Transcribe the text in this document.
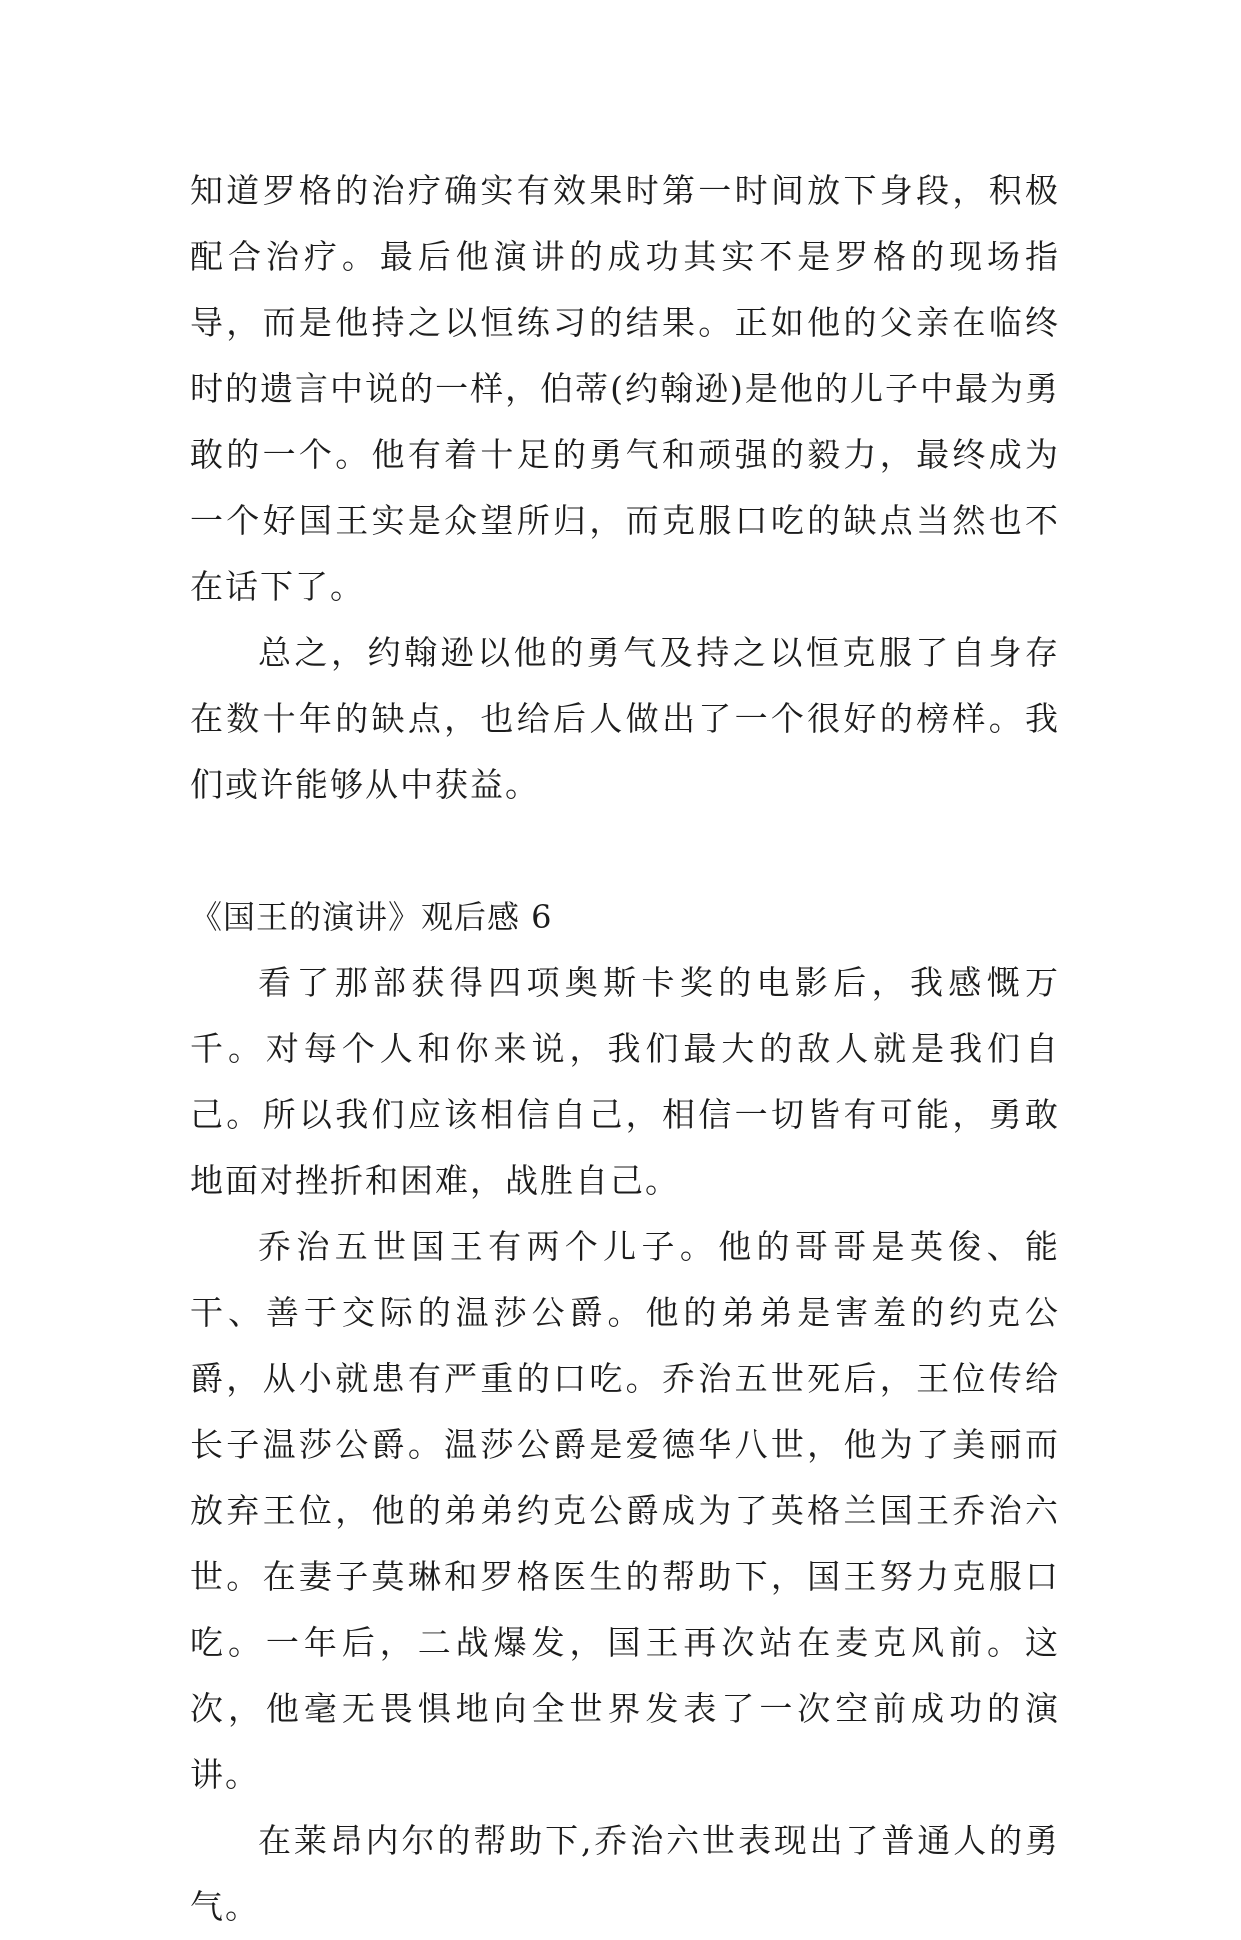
知道罗格的治疗确实有效果时第一时间放下身段，积极配合治疗。最后他演讲的成功其实不是罗格的现场指导，而是他持之以恒练习的结果。正如他的父亲在临终时的遗言中说的一样，伯蒂(约翰逊)是他的儿子中最为勇敢的一个。他有着十足的勇气和顽强的毅力，最终成为一个好国王实是众望所归，而克服口吃的缺点当然也不在话下了。

总之，约翰逊以他的勇气及持之以恒克服了自身存在数十年的缺点，也给后人做出了一个很好的榜样。我们或许能够从中获益。

《国王的演讲》观后感 6

看了那部获得四项奥斯卡奖的电影后，我感慨万千。对每个人和你来说，我们最大的敌人就是我们自己。所以我们应该相信自己，相信一切皆有可能，勇敢地面对挫折和困难，战胜自己。

乔治五世国王有两个儿子。他的哥哥是英俊、能干、善于交际的温莎公爵。他的弟弟是害羞的约克公爵，从小就患有严重的口吃。乔治五世死后，王位传给长子温莎公爵。温莎公爵是爱德华八世，他为了美丽而放弃王位，他的弟弟约克公爵成为了英格兰国王乔治六世。在妻子莫琳和罗格医生的帮助下，国王努力克服口吃。一年后，二战爆发，国王再次站在麦克风前。这次，他毫无畏惧地向全世界发表了一次空前成功的演讲。

在莱昂内尔的帮助下,乔治六世表现出了普通人的勇气。
